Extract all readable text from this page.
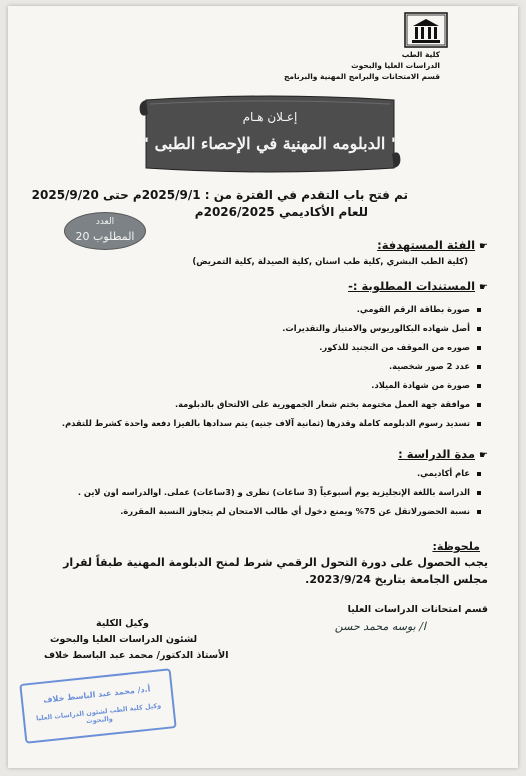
كلية الطب
الدراسات العليا والبحوث
قسم الامتحانات والبرامج المهنية والبرنامج
إعـلان هـام
" الدبلومه المهنية في الإحصاء الطبى "
تم فتح باب التقدم في الفترة من : 2025/9/1م حتى 2025/9/20
للعام الأكاديمي 2026/2025م
العدد
المطلوب 20
☛الفئة المستهدفة:
(كلية الطب البشري ,كلية طب اسنان ,كلية الصيدلة ,كلية التمريض)
☛المستندات المطلوبة :-
صورة بطاقة الرقم القومي.
أصل شهاده البكالوريوس والامتياز والتقديرات.
صوره من الموقف من التجنيد للذكور.
عدد 2 صور شخصية.
صورة من شهادة الميلاد.
موافقة جهة العمل مختومة بختم شعار الجمهورية على الالتحاق بالدبلومة.
تسديد رسوم الدبلومه كاملة وقدرها (ثمانية آلاف جنيه) يتم سدادها بالفيزا دفعة واحدة كشرط للتقدم.
☛مدة الدراسة :
عام أكاديمي.
الدراسة باللغة الإنجليزية يوم أسبوعياً (3 ساعات) نظرى و (3ساعات) عملى. اوالدراسه اون لاين .
نسبة الحضورلاتقل عن 75% ويمنع دخول أي طالب الامتحان لم يتجاوز النسبة المقررة.
ملحوظة:
يجب الحصول على دورة التحول الرقمي شرط لمنح الدبلومة المهنية طبقاً لقرار مجلس الجامعة بتاريخ 2023/9/24.
قسم امتحانات الدراسات العليا
ا/ بوسه محمد حسن
وكيل الكلية
لشئون الدراسات العليا والبحوث
الأستاذ الدكتور/ محمد عبد الباسط خلاف
أ.د/ محمد عبد الباسط خلاف
وكيل كلية الطب لشئون الدراسات العليا والبحوث
